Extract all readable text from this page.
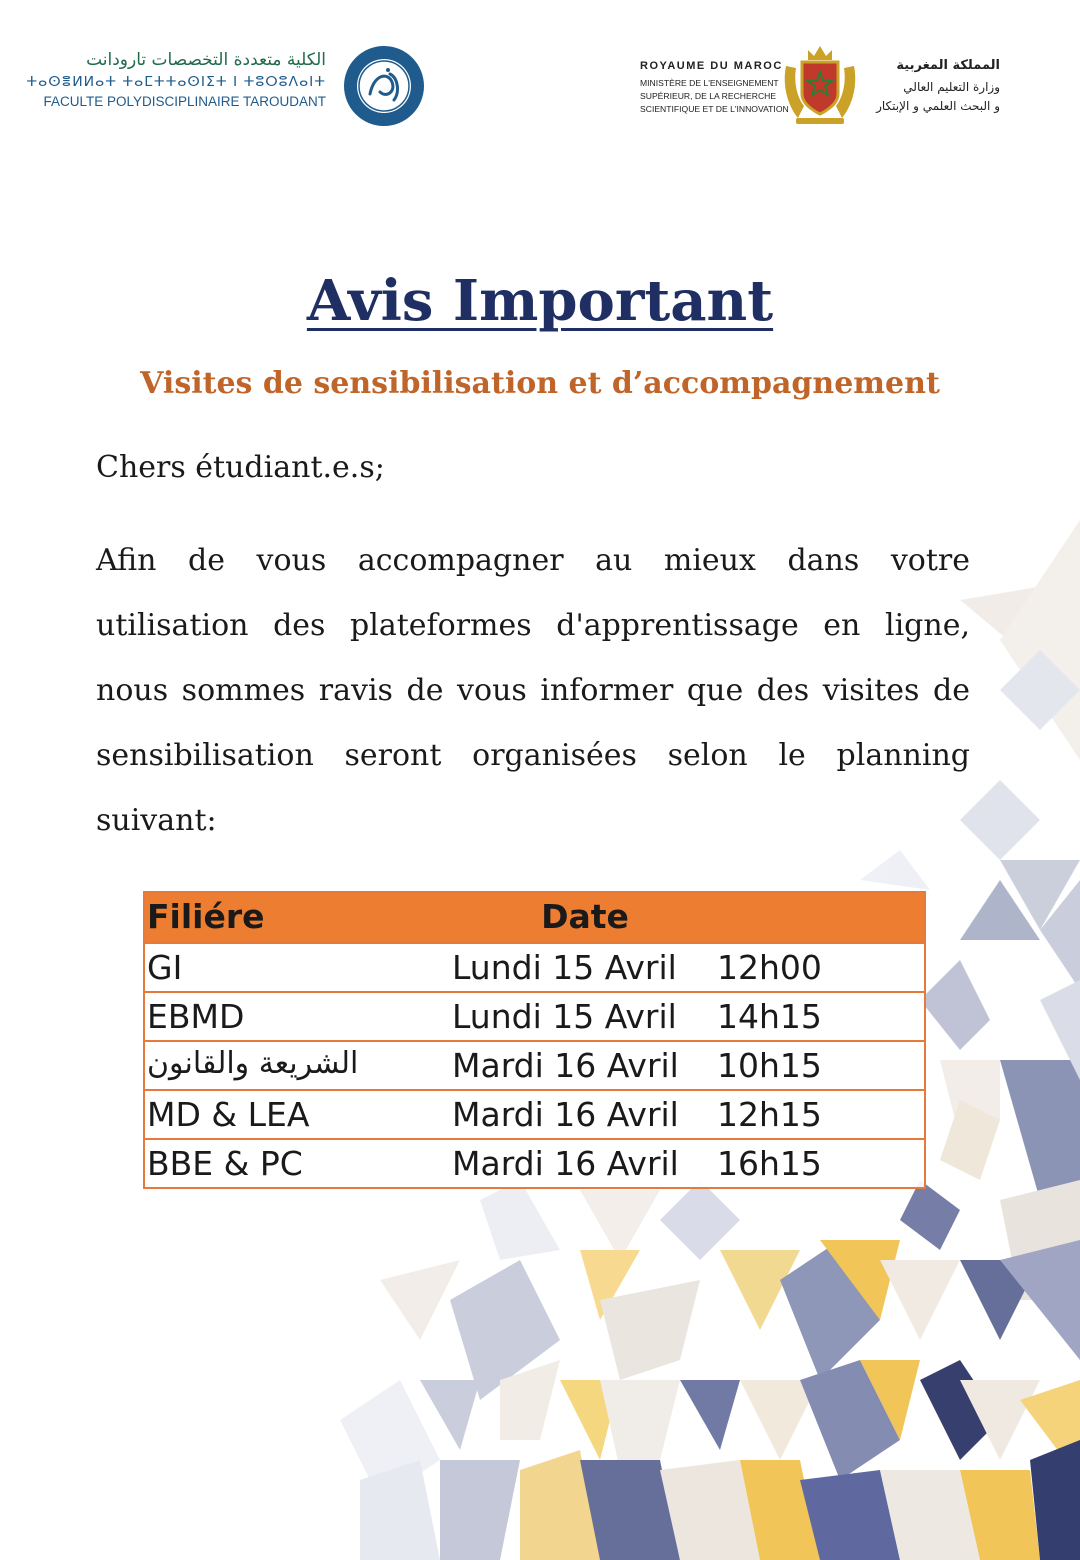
الكلية متعددة التخصصات تارودانت
ⵜⴰⵙⴻⵍⵍⴰⵜ ⵜⴰⵎⵜⵜⴰⵙⵏⵉⵜ ⵏ ⵜⵓⵔⵓⴷⴰⵏⵜ
FACULTE POLYDISCIPLINAIRE TAROUDANT
ROYAUME DU MAROC
MINISTÈRE DE L'ENSEIGNEMENT
SUPÉRIEUR, DE LA RECHERCHE
SCIENTIFIQUE ET DE L'INNOVATION
المملكة المغربية
وزارة التعليم العالي
و البحث العلمي و الإبتكار
Avis Important
Visites de sensibilisation et d’accompagnement
Chers étudiant.e.s;
Afin de vous accompagner au mieux dans votre utilisation des plateformes d'apprentissage en ligne, nous sommes ravis de vous informer que des visites de sensibilisation seront organisées selon le planning suivant:
Filiére	Date
GI	Lundi 15 Avril 12h00
EBMD	Lundi 15 Avril 14h15
الشريعة والقانون	Mardi 16 Avril 10h15
MD & LEA	Mardi 16 Avril 12h15
BBE & PC	Mardi 16 Avril 16h15
